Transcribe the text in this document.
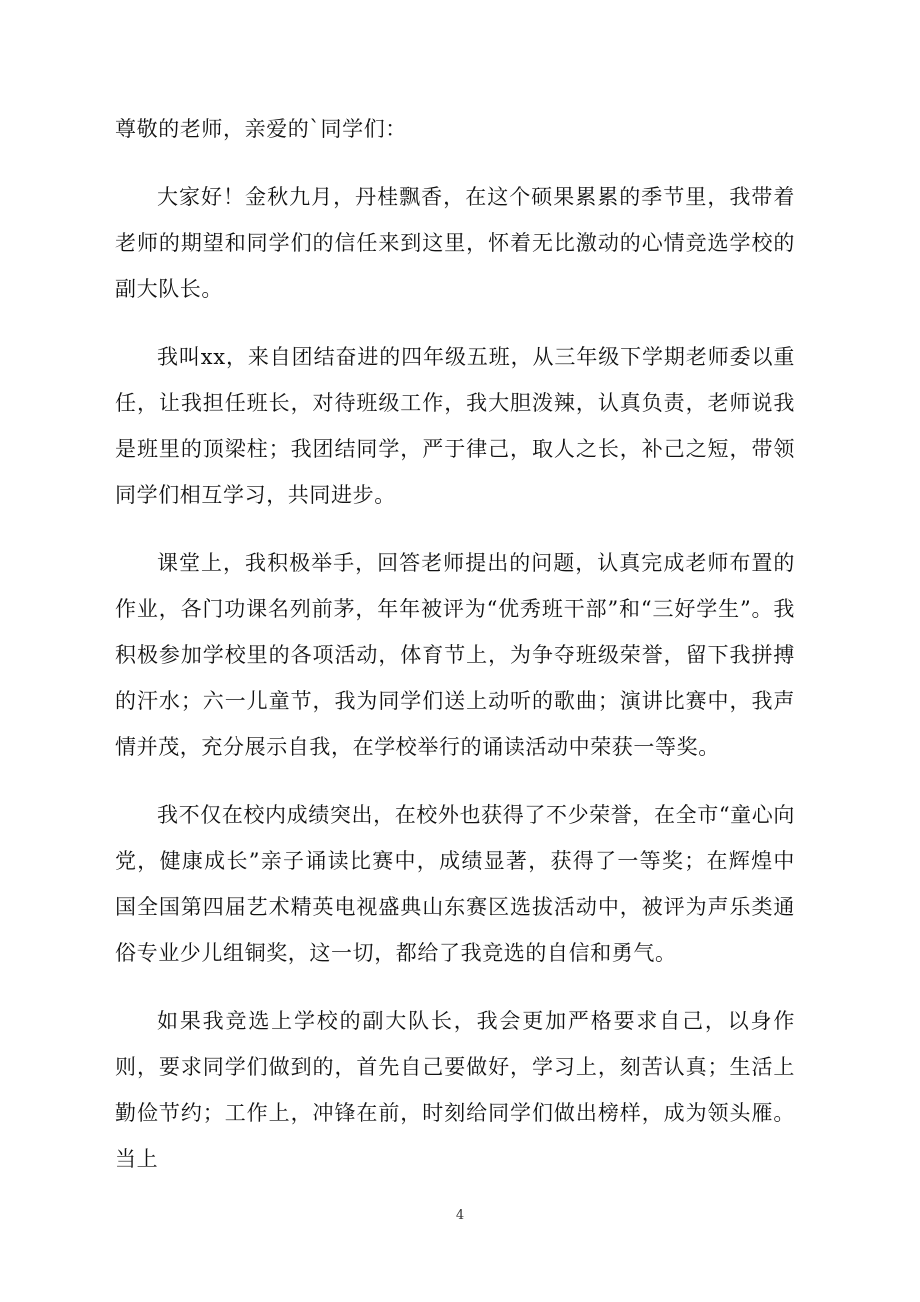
尊敬的老师，亲爱的`同学们：

大家好！金秋九月，丹桂飘香，在这个硕果累累的季节里，我带着老师的期望和同学们的信任来到这里，怀着无比激动的心情竞选学校的副大队长。

我叫xx，来自团结奋进的四年级五班，从三年级下学期老师委以重任，让我担任班长，对待班级工作，我大胆泼辣，认真负责，老师说我是班里的顶梁柱；我团结同学，严于律己，取人之长，补己之短，带领同学们相互学习，共同进步。

课堂上，我积极举手，回答老师提出的问题，认真完成老师布置的作业，各门功课名列前茅，年年被评为“优秀班干部”和“三好学生”。我积极参加学校里的各项活动，体育节上，为争夺班级荣誉，留下我拼搏的汗水；六一儿童节，我为同学们送上动听的歌曲；演讲比赛中，我声情并茂，充分展示自我，在学校举行的诵读活动中荣获一等奖。

我不仅在校内成绩突出，在校外也获得了不少荣誉，在全市“童心向党，健康成长”亲子诵读比赛中，成绩显著，获得了一等奖；在辉煌中国全国第四届艺术精英电视盛典山东赛区选拔活动中，被评为声乐类通俗专业少儿组铜奖，这一切，都给了我竞选的自信和勇气。

如果我竞选上学校的副大队长，我会更加严格要求自己，以身作则，要求同学们做到的，首先自己要做好，学习上，刻苦认真；生活上勤俭节约；工作上，冲锋在前，时刻给同学们做出榜样，成为领头雁。当上

4
